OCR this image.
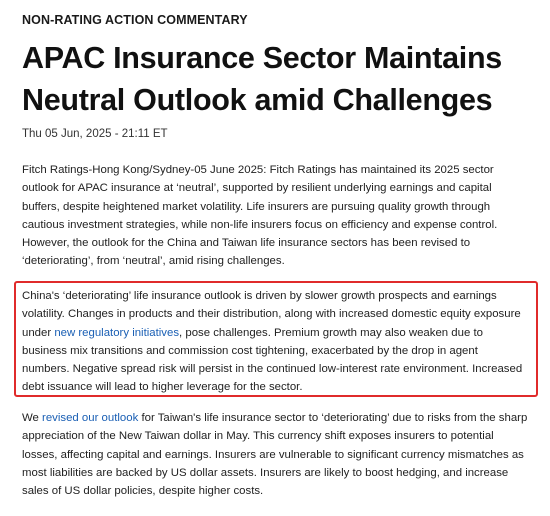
NON-RATING ACTION COMMENTARY
APAC Insurance Sector Maintains Neutral Outlook amid Challenges
Thu 05 Jun, 2025 - 21:11 ET

Fitch Ratings-Hong Kong/Sydney-05 June 2025: Fitch Ratings has maintained its 2025 sector outlook for APAC insurance at ‘neutral’, supported by resilient underlying earnings and capital buffers, despite heightened market volatility. Life insurers are pursuing quality growth through cautious investment strategies, while non-life insurers focus on efficiency and expense control. However, the outlook for the China and Taiwan life insurance sectors has been revised to ‘deteriorating’, from ‘neutral’, amid rising challenges.

China's ‘deteriorating’ life insurance outlook is driven by slower growth prospects and earnings volatility. Changes in products and their distribution, along with increased domestic equity exposure under new regulatory initiatives, pose challenges. Premium growth may also weaken due to business mix transitions and commission cost tightening, exacerbated by the drop in agent numbers. Negative spread risk will persist in the continued low-interest rate environment. Increased debt issuance will lead to higher leverage for the sector.

We revised our outlook for Taiwan's life insurance sector to ‘deteriorating’ due to risks from the sharp appreciation of the New Taiwan dollar in May. This currency shift exposes insurers to potential losses, affecting capital and earnings. Insurers are vulnerable to significant currency mismatches as most liabilities are backed by US dollar assets. Insurers are likely to boost hedging, and increase sales of US dollar policies, despite higher costs.
